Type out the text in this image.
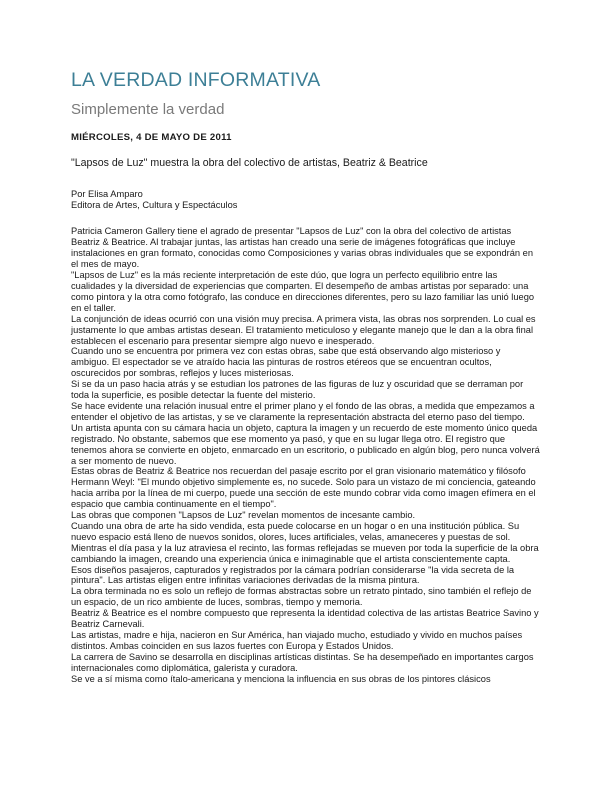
LA VERDAD INFORMATIVA
Simplemente la verdad
MIÉRCOLES, 4 DE MAYO DE 2011
"Lapsos de Luz" muestra la obra del colectivo de artistas, Beatriz & Beatrice
Por Elisa Amparo
Editora de Artes, Cultura y Espectáculos

Patricia Cameron Gallery tiene el agrado de presentar "Lapsos de Luz" con la obra del colectivo de artistas Beatriz & Beatrice. Al trabajar juntas, las artistas han creado una serie de imágenes fotográficas que incluye instalaciones en gran formato, conocidas como Composiciones y varias obras individuales que se expondrán en el mes de mayo.

"Lapsos de Luz" es la más reciente interpretación de este dúo, que logra un perfecto equilibrio entre las cualidades y la diversidad de experiencias que comparten. El desempeño de ambas artistas por separado: una como pintora y la otra como fotógrafo, las conduce en direcciones diferentes, pero su lazo familiar las unió luego en el taller.

La conjunción de ideas ocurrió con una visión muy precisa. A primera vista, las obras nos sorprenden. Lo cual es justamente lo que ambas artistas desean. El tratamiento meticuloso y elegante manejo que le dan a la obra final establecen el escenario para presentar siempre algo nuevo e inesperado.

Cuando uno se encuentra por primera vez con estas obras, sabe que está observando algo misterioso y ambiguo. El espectador se ve atraído hacia las pinturas de rostros etéreos que se encuentran ocultos, oscurecidos por sombras, reflejos y luces misteriosas.

Si se da un paso hacia atrás y se estudian los patrones de las figuras de luz y oscuridad que se derraman por toda la superficie, es posible detectar la fuente del misterio.

Se hace evidente una relación inusual entre el primer plano y el fondo de las obras, a medida que empezamos a entender el objetivo de las artistas, y se ve claramente la representación abstracta del eterno paso del tiempo.

Un artista apunta con su cámara hacia un objeto, captura la imagen y un recuerdo de este momento único queda registrado. No obstante, sabemos que ese momento ya pasó, y que en su lugar llega otro. El registro que tenemos ahora se convierte en objeto, enmarcado en un escritorio, o publicado en algún blog, pero nunca volverá a ser momento de nuevo.

Estas obras de Beatriz & Beatrice nos recuerdan del pasaje escrito por el gran visionario matemático y filósofo Hermann Weyl: "El mundo objetivo simplemente es, no sucede. Solo para un vistazo de mi conciencia, gateando hacia arriba por la línea de mi cuerpo, puede una sección de este mundo cobrar vida como imagen efímera en el espacio que cambia continuamente en el tiempo".

Las obras que componen "Lapsos de Luz" revelan momentos de incesante cambio.

Cuando una obra de arte ha sido vendida, esta puede colocarse en un hogar o en una institución pública. Su nuevo espacio está lleno de nuevos sonidos, olores, luces artificiales, velas, amaneceres y puestas de sol.

Mientras el día pasa y la luz atraviesa el recinto, las formas reflejadas se mueven por toda la superficie de la obra cambiando la imagen, creando una experiencia única e inimaginable que el artista conscientemente capta.

Esos diseños pasajeros, capturados y registrados por la cámara podrían considerarse "la vida secreta de la pintura". Las artistas eligen entre infinitas variaciones derivadas de la misma pintura.

La obra terminada no es solo un reflejo de formas abstractas sobre un retrato pintado, sino también el reflejo de un espacio, de un rico ambiente de luces, sombras, tiempo y memoria.

Beatriz & Beatrice es el nombre compuesto que representa la identidad colectiva de las artistas Beatrice Savino y Beatriz Carnevali.

Las artistas, madre e hija, nacieron en Sur América, han viajado mucho, estudiado y vivido en muchos países distintos. Ambas coinciden en sus lazos fuertes con Europa y Estados Unidos.

La carrera de Savino se desarrolla en disciplinas artísticas distintas. Se ha desempeñado en importantes cargos internacionales como diplomática, galerista y curadora.

Se ve a sí misma como ítalo-americana y menciona la influencia en sus obras de los pintores clásicos
